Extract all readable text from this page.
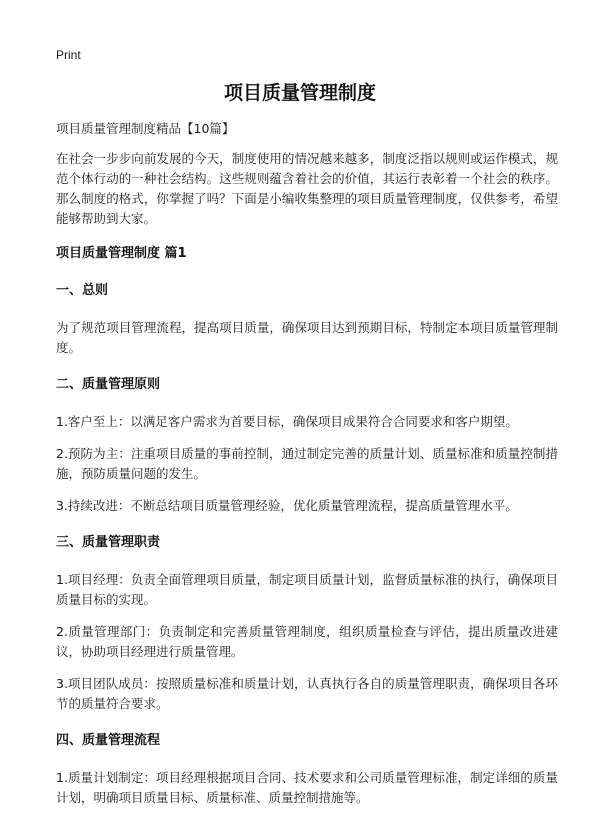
Print
项目质量管理制度

项目质量管理制度精品【10篇】

在社会一步步向前发展的今天，制度使用的情况越来越多，制度泛指以规则或运作模式，规范个体行动的一种社会结构。这些规则蕴含着社会的价值，其运行表彰着一个社会的秩序。那么制度的格式，你掌握了吗？下面是小编收集整理的项目质量管理制度，仅供参考，希望能够帮助到大家。

项目质量管理制度 篇1
一、总则

为了规范项目管理流程，提高项目质量，确保项目达到预期目标，特制定本项目质量管理制度。

二、质量管理原则

1.客户至上：以满足客户需求为首要目标，确保项目成果符合合同要求和客户期望。

2.预防为主：注重项目质量的事前控制，通过制定完善的质量计划、质量标准和质量控制措施，预防质量问题的发生。

3.持续改进：不断总结项目质量管理经验，优化质量管理流程，提高质量管理水平。

三、质量管理职责

1.项目经理：负责全面管理项目质量，制定项目质量计划，监督质量标准的执行，确保项目质量目标的实现。

2.质量管理部门：负责制定和完善质量管理制度，组织质量检查与评估，提出质量改进建议，协助项目经理进行质量管理。

3.项目团队成员：按照质量标准和质量计划，认真执行各自的质量管理职责，确保项目各环节的质量符合要求。

四、质量管理流程

1.质量计划制定：项目经理根据项目合同、技术要求和公司质量管理标准，制定详细的质量计划，明确项目质量目标、质量标准、质量控制措施等。
